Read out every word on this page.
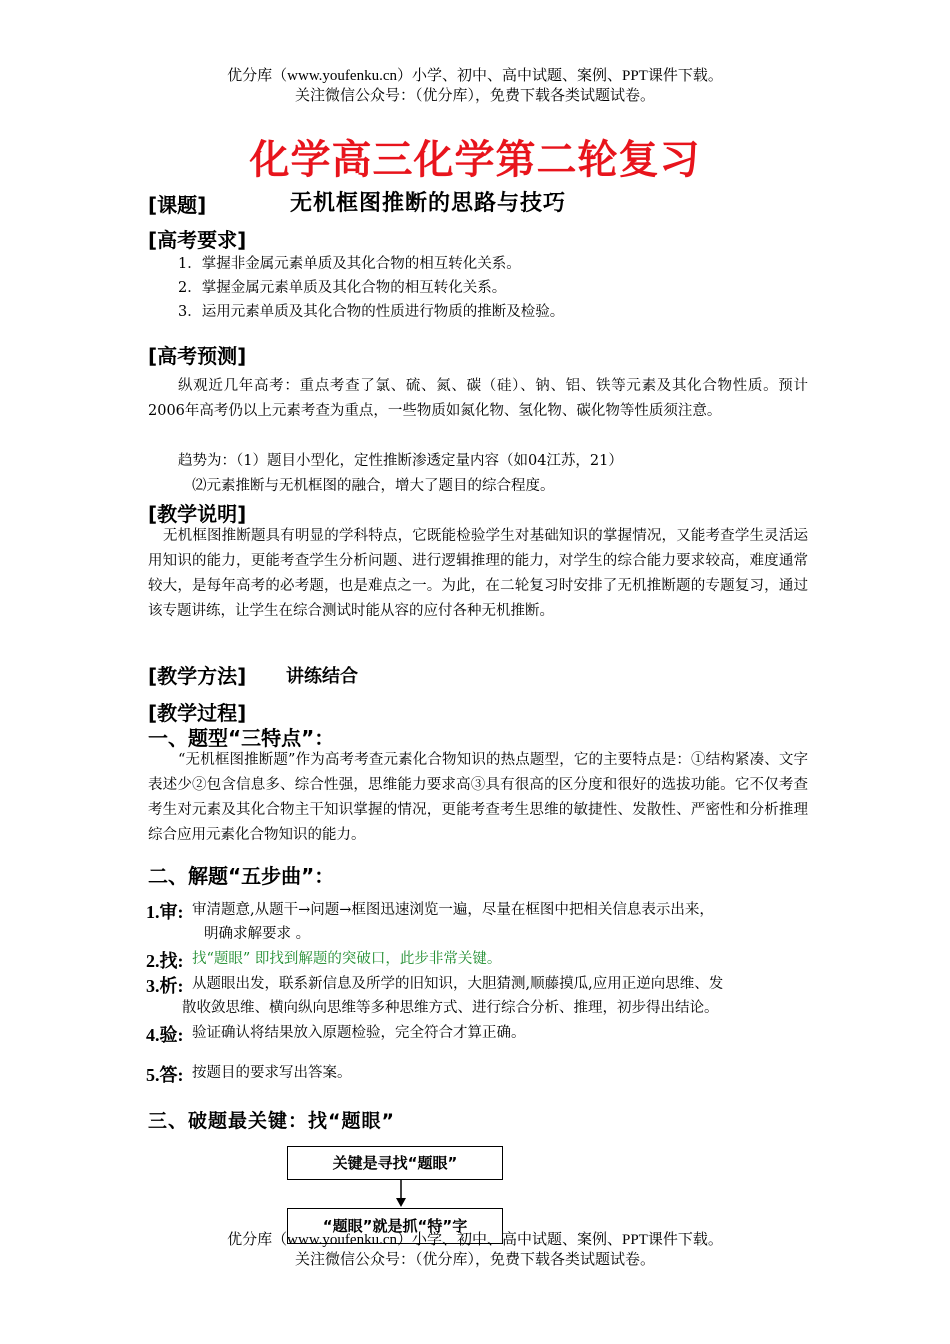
优分库（www.youfenku.cn）小学、初中、高中试题、案例、PPT课件下载。
关注微信公众号：（优分库），免费下载各类试题试卷。
化学高三化学第二轮复习
[课题]	无机框图推断的思路与技巧
[高考要求]
1．掌握非金属元素单质及其化合物的相互转化关系。
2．掌握金属元素单质及其化合物的相互转化关系。
3．运用元素单质及其化合物的性质进行物质的推断及检验。
[高考预测]
纵观近几年高考：重点考查了氯、硫、氮、碳（硅）、钠、铝、铁等元素及其化合物性质。预计2006年高考仍以上元素考查为重点，一些物质如氮化物、氢化物、碳化物等性质须注意。
趋势为：（1）题目小型化，定性推断渗透定量内容（如04江苏，21）
⑵元素推断与无机框图的融合，增大了题目的综合程度。
[教学说明]
无机框图推断题具有明显的学科特点，它既能检验学生对基础知识的掌握情况，又能考查学生灵活运用知识的能力，更能考查学生分析问题、进行逻辑推理的能力，对学生的综合能力要求较高，难度通常较大，是每年高考的必考题，也是难点之一。为此，在二轮复习时安排了无机推断题的专题复习，通过该专题讲练，让学生在综合测试时能从容的应付各种无机推断。
[教学方法] 讲练结合
[教学过程]
一、题型“三特点”：
“无机框图推断题”作为高考考查元素化合物知识的热点题型，它的主要特点是：①结构紧凑、文字表述少②包含信息多、综合性强，思维能力要求高③具有很高的区分度和很好的选拔功能。它不仅考查考生对元素及其化合物主干知识掌握的情况，更能考查考生思维的敏捷性、发散性、严密性和分析推理综合应用元素化合物知识的能力。
二、解题“五步曲”：
1.审: 审清题意,从题干→问题→框图迅速浏览一遍，尽量在框图中把相关信息表示出来，
明确求解要求 。
2.找: 找“题眼” 即找到解题的突破口，此步非常关键。
3.析: 从题眼出发，联系新信息及所学的旧知识，大胆猜测,顺藤摸瓜,应用正逆向思维、发
散收敛思维、横向纵向思维等多种思维方式、进行综合分析、推理，初步得出结论。
4.验: 验证确认将结果放入原题检验，完全符合才算正确。
5.答: 按题目的要求写出答案。
三、破题最关键：找“题眼”
关键是寻找“题眼”
“题眼”就是抓“特”字
优分库（www.youfenku.cn）小学、初中、高中试题、案例、PPT课件下载。
关注微信公众号：（优分库），免费下载各类试题试卷。
